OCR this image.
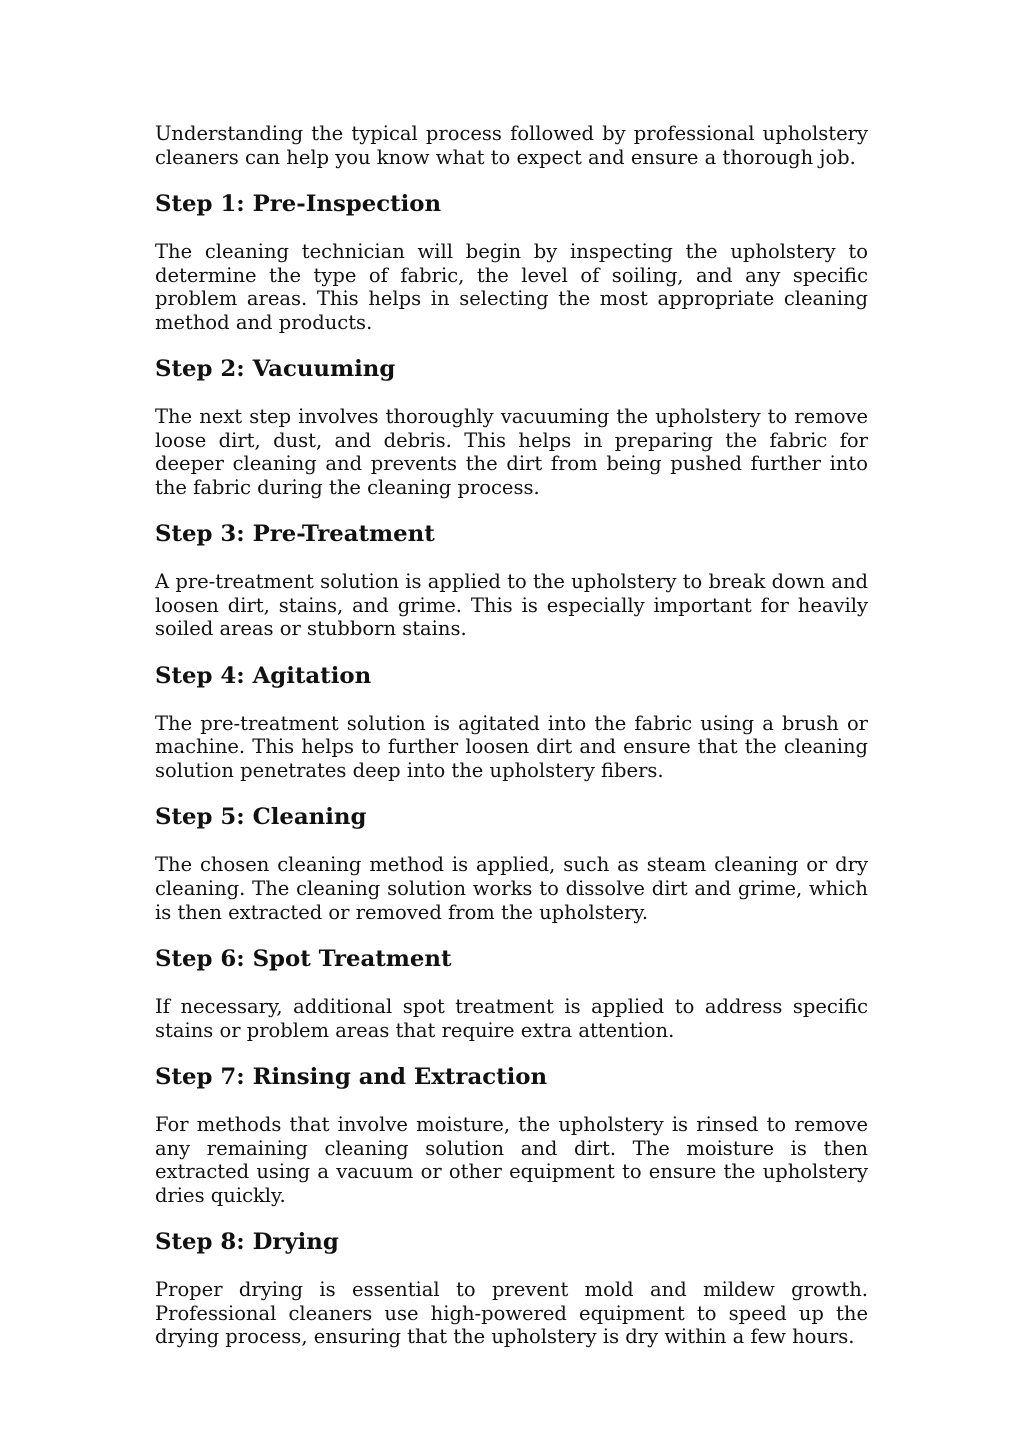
Understanding the typical process followed by professional upholstery cleaners can help you know what to expect and ensure a thorough job.

Step 1: Pre-Inspection

The cleaning technician will begin by inspecting the upholstery to determine the type of fabric, the level of soiling, and any specific problem areas. This helps in selecting the most appropriate cleaning method and products.

Step 2: Vacuuming

The next step involves thoroughly vacuuming the upholstery to remove loose dirt, dust, and debris. This helps in preparing the fabric for deeper cleaning and prevents the dirt from being pushed further into the fabric during the cleaning process.

Step 3: Pre-Treatment

A pre-treatment solution is applied to the upholstery to break down and loosen dirt, stains, and grime. This is especially important for heavily soiled areas or stubborn stains.

Step 4: Agitation

The pre-treatment solution is agitated into the fabric using a brush or machine. This helps to further loosen dirt and ensure that the cleaning solution penetrates deep into the upholstery fibers.

Step 5: Cleaning

The chosen cleaning method is applied, such as steam cleaning or dry cleaning. The cleaning solution works to dissolve dirt and grime, which is then extracted or removed from the upholstery.

Step 6: Spot Treatment

If necessary, additional spot treatment is applied to address specific stains or problem areas that require extra attention.

Step 7: Rinsing and Extraction

For methods that involve moisture, the upholstery is rinsed to remove any remaining cleaning solution and dirt. The moisture is then extracted using a vacuum or other equipment to ensure the upholstery dries quickly.

Step 8: Drying

Proper drying is essential to prevent mold and mildew growth. Professional cleaners use high-powered equipment to speed up the drying process, ensuring that the upholstery is dry within a few hours.
